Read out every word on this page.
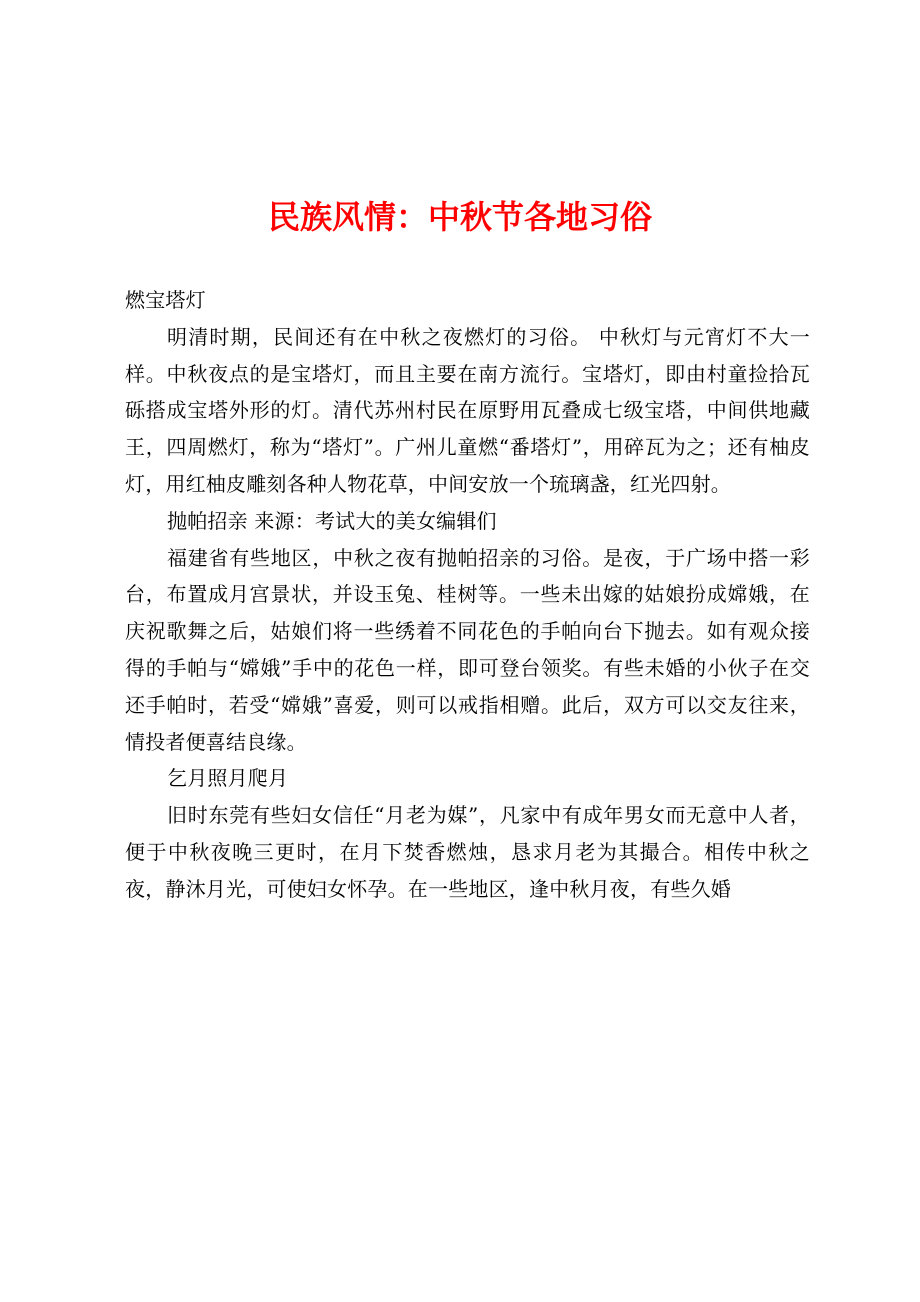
民族风情：中秋节各地习俗

燃宝塔灯

明清时期，民间还有在中秋之夜燃灯的习俗。 中秋灯与元宵灯不大一样。中秋夜点的是宝塔灯，而且主要在南方流行。宝塔灯，即由村童捡拾瓦砾搭成宝塔外形的灯。清代苏州村民在原野用瓦叠成七级宝塔，中间供地藏王，四周燃灯，称为“塔灯”。广州儿童燃“番塔灯”，用碎瓦为之；还有柚皮灯，用红柚皮雕刻各种人物花草，中间安放一个琉璃盏，红光四射。

抛帕招亲 来源：考试大的美女编辑们

福建省有些地区，中秋之夜有抛帕招亲的习俗。是夜，于广场中搭一彩台，布置成月宫景状，并设玉兔、桂树等。一些未出嫁的姑娘扮成嫦娥，在庆祝歌舞之后，姑娘们将一些绣着不同花色的手帕向台下抛去。如有观众接得的手帕与“嫦娥”手中的花色一样，即可登台领奖。有些未婚的小伙子在交还手帕时，若受“嫦娥”喜爱，则可以戒指相赠。此后，双方可以交友往来，情投者便喜结良缘。

乞月照月爬月

旧时东莞有些妇女信任“月老为媒”，凡家中有成年男女而无意中人者，便于中秋夜晚三更时，在月下焚香燃烛，恳求月老为其撮合。相传中秋之夜，静沐月光，可使妇女怀孕。在一些地区，逢中秋月夜，有些久婚
